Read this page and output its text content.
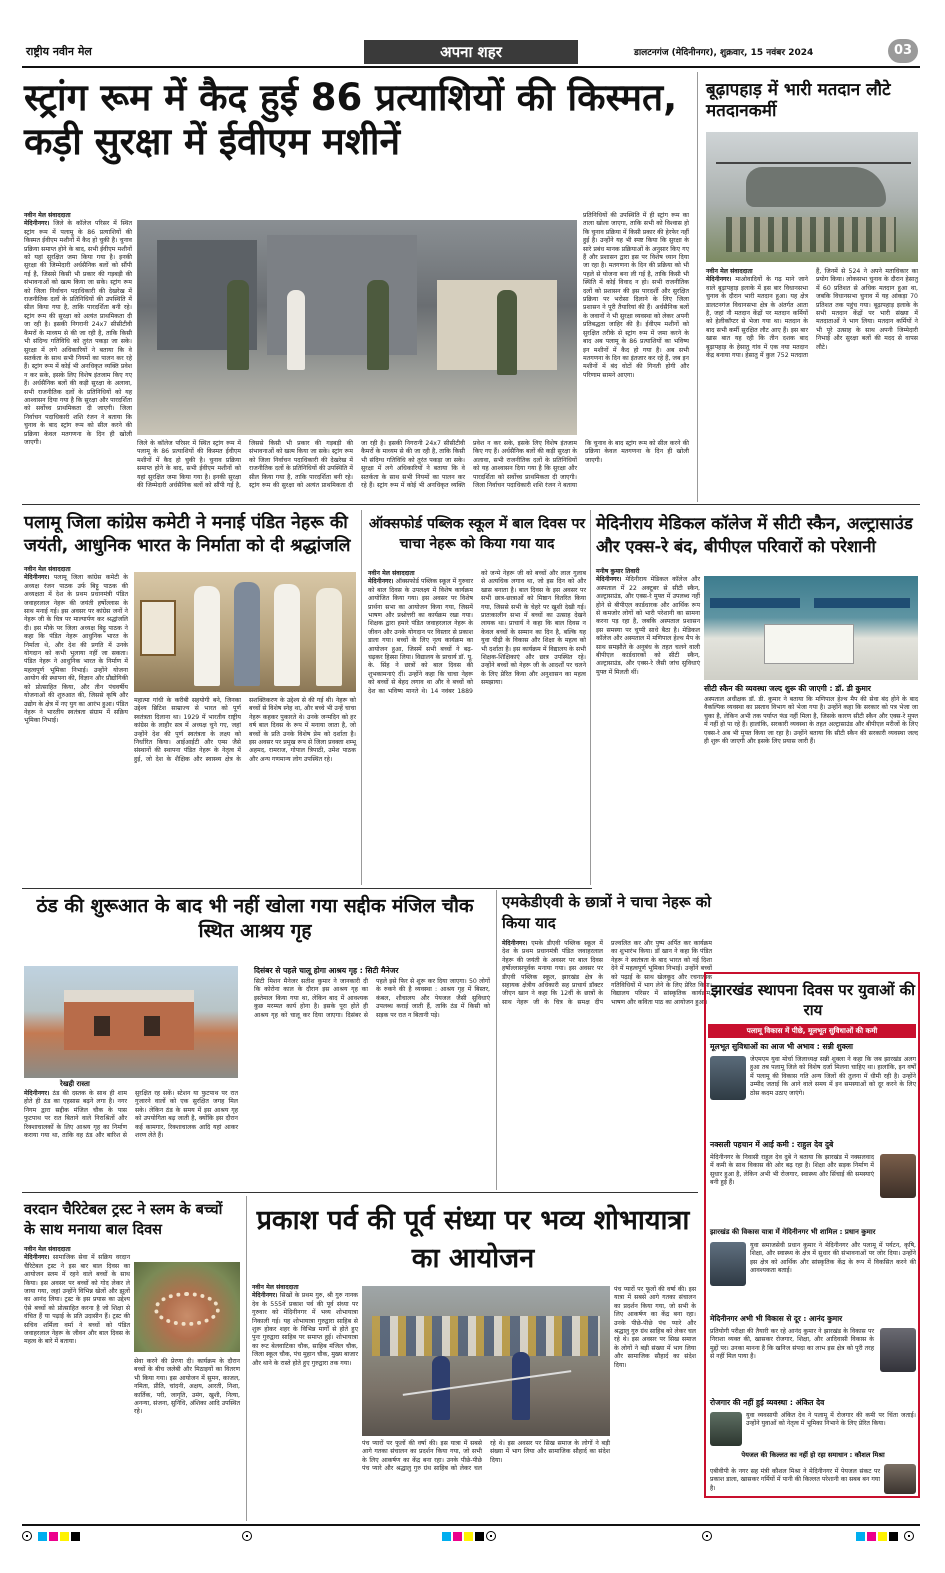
राष्ट्रीय नवीन मेल	अपना शहर	डालटनगंज (मेदिनीनगर), शुक्रवार, 15 नवंबर 2024	03
स्ट्रांग रूम में कैद हुई 86 प्रत्याशियों की किस्मत, कड़ी सुरक्षा में ईवीएम मशीनें
नवीन मेल संवाददाता
मेदिनीनगर। जिले के कॉलेज परिसर में स्थित स्ट्रांग रूम में पलामू के 86 प्रत्याशियों की किस्मत ईवीएम मशीनों में कैद हो चुकी है। चुनाव प्रक्रिया समाप्त होने के बाद, सभी ईवीएम मशीनों को यहां सुरक्षित जमा किया गया है। इनकी सुरक्षा की जिम्मेदारी अर्धसैनिक बलों को सौंपी गई है, जिससे किसी भी प्रकार की गड़बड़ी की संभावनाओं को खत्म किया जा सके। स्ट्रांग रूम को जिला निर्वाचन पदाधिकारी की देखरेख में राजनीतिक दलों के प्रतिनिधियों की उपस्थिति में सील किया गया है, ताकि पारदर्शिता बनी रहे। स्ट्रांग रूम की सुरक्षा को अत्यंत प्राथमिकता दी जा रही है। इसकी निगरानी 24x7 सीसीटीवी कैमरों के माध्यम से की जा रही है, ताकि किसी भी संदिग्ध गतिविधि को तुरंत पकड़ा जा सके। सुरक्षा में लगे अधिकारियों ने बताया कि वे सतर्कता के साथ सभी नियमों का पालन कर रहे हैं। स्ट्रांग रूम में कोई भी अनधिकृत व्यक्ति प्रवेश न कर सके, इसके लिए विशेष इंतजाम किए गए हैं। अर्धसैनिक बलों की कड़ी सुरक्षा के अलावा, सभी राजनीतिक दलों के प्रतिनिधियों को यह आश्वासन दिया गया है कि सुरक्षा और पारदर्शिता को सर्वोच्च प्राथमिकता दी जाएगी। जिला निर्वाचन पदाधिकारी शशि रंजन ने बताया कि चुनाव के बाद स्ट्रांग रूम को सील करने की प्रक्रिया केवल मतगणना के दिन ही खोली जाएगी।	जिले के कॉलेज परिसर में स्थित स्ट्रांग रूम में पलामू के 86 प्रत्याशियों की किस्मत ईवीएम मशीनों में कैद हो चुकी है। चुनाव प्रक्रिया समाप्त होने के बाद, सभी ईवीएम मशीनों को यहां सुरक्षित जमा किया गया है। इनकी सुरक्षा की जिम्मेदारी अर्धसैनिक बलों को सौंपी गई है, जिससे किसी भी प्रकार की गड़बड़ी की संभावनाओं को खत्म किया जा सके। स्ट्रांग रूम को जिला निर्वाचन पदाधिकारी की देखरेख में राजनीतिक दलों के प्रतिनिधियों की उपस्थिति में सील किया गया है, ताकि पारदर्शिता बनी रहे। स्ट्रांग रूम की सुरक्षा को अत्यंत प्राथमिकता दी जा रही है। इसकी निगरानी 24x7 सीसीटीवी कैमरों के माध्यम से की जा रही है, ताकि किसी भी संदिग्ध गतिविधि को तुरंत पकड़ा जा सके। सुरक्षा में लगे अधिकारियों ने बताया कि वे सतर्कता के साथ सभी नियमों का पालन कर रहे हैं। स्ट्रांग रूम में कोई भी अनधिकृत व्यक्ति प्रवेश न कर सके, इसके लिए विशेष इंतजाम किए गए हैं। अर्धसैनिक बलों की कड़ी सुरक्षा के अलावा, सभी राजनीतिक दलों के प्रतिनिधियों को यह आश्वासन दिया गया है कि सुरक्षा और पारदर्शिता को सर्वोच्च प्राथमिकता दी जाएगी। जिला निर्वाचन पदाधिकारी शशि रंजन ने बताया कि चुनाव के बाद स्ट्रांग रूम को सील करने की प्रक्रिया केवल मतगणना के दिन ही खोली जाएगी।
प्रतिनिधियों की उपस्थिति में ही स्ट्रांग रूम का ताला खोला जाएगा, ताकि सभी को विश्वास हो कि चुनाव प्रक्रिया में किसी प्रकार की हेरफेर नहीं हुई है। उन्होंने यह भी स्पष्ट किया कि सुरक्षा के सारे प्रबंध मानक प्रक्रियाओं के अनुसार किए गए हैं और प्रशासन द्वारा इस पर विशेष ध्यान दिया जा रहा है। मतगणना के दिन की प्रक्रिया को भी पहले से योजना बना ली गई है, ताकि किसी भी स्थिति में कोई विवाद न हो। सभी राजनीतिक दलों को प्रशासन की इस पारदर्शी और सुरक्षित प्रक्रिया पर भरोसा दिलाने के लिए जिला प्रशासन ने पूरी तैयारियां की हैं। अर्धसैनिक बलों के जवानों ने भी सुरक्षा व्यवस्था को लेकर अपनी प्रतिबद्धता जाहिर की है। ईवीएम मशीनों को सुरक्षित तरीके से स्ट्रांग रूम में जमा करने के बाद अब पलामू के 86 प्रत्याशियों का भविष्य इन मशीनों में कैद हो गया है। अब सभी मतगणना के दिन का इंतजार कर रहे हैं, जब इन मशीनों में बंद वोटों की गिनती होगी और परिणाम सामने आएगा।
बूढ़ापहाड़ में भारी मतदान लौटे मतदानकर्मी
नवीन मेल संवाददाता
मेदिनीनगर। माओवादियों के गढ़ माने जाने वाले बूढ़ापहाड़ इलाके में इस बार विधानसभा चुनाव के दौरान भारी मतदान हुआ। यह क्षेत्र डालटनगंज विधानसभा क्षेत्र के अंतर्गत आता है, जहां नौ मतदान केंद्रों पर मतदान कर्मियों को हेलीकॉप्टर से भेजा गया था। मतदान के बाद सभी कर्मी सुरक्षित लौट आए हैं। इस बार खास बात यह रही कि तीन दशक बाद बूढ़ापहाड़ के हेसातु गांव में एक नया मतदान केंद्र बनाया गया। हेसातु में कुल 752 मतदाता हैं, जिनमें से 524 ने अपने मताधिकार का प्रयोग किया। लोकसभा चुनाव के दौरान हेसातु में 60 प्रतिशत से अधिक मतदान हुआ था, जबकि विधानसभा चुनाव में यह आंकड़ा 70 प्रतिशत तक पहुंच गया। बूढ़ापहाड़ इलाके के सभी मतदान केंद्रों पर भारी संख्या में मतदाताओं ने भाग लिया। मतदान कर्मियों ने भी पूरे उत्साह के साथ अपनी जिम्मेदारी निभाई और सुरक्षा बलों की मदद से वापस लौटे।
पलामू जिला कांग्रेस कमेटी ने मनाई पंडित नेहरू की जयंती, आधुनिक भारत के निर्माता को दी श्रद्धांजलि
नवीन मेल संवाददाता
मेदिनीनगर। पलामू जिला कांग्रेस कमेटी के अध्यक्ष रंजन पाठक उर्फ बिट्टू पाठक की अध्यक्षता में देश के प्रथम प्रधानमंत्री पंडित जवाहरलाल नेहरू की जयंती हर्षोल्लास के साथ मनाई गई। इस अवसर पर कांग्रेस जनों ने नेहरू जी के चित्र पर माल्यार्पण कर श्रद्धांजलि दी। इस मौके पर जिला अध्यक्ष बिट्टू पाठक ने कहा कि पंडित नेहरू आधुनिक भारत के निर्माता थे, और देश की प्रगति में उनके योगदान को कभी भुलाया नहीं जा सकता। पंडित नेहरू ने आधुनिक भारत के निर्माण में महत्वपूर्ण भूमिका निभाई। उन्होंने योजना आयोग की स्थापना की, विज्ञान और प्रौद्योगिकी को प्रोत्साहित किया, और तीन पंचवर्षीय योजनाओं की शुरुआत की, जिससे कृषि और उद्योग के क्षेत्र में नए युग का आरंभ हुआ। पंडित नेहरू ने भारतीय स्वतंत्रता संग्राम में सक्रिय भूमिका निभाई।
महात्मा गांधी के करीबी सहयोगी बने, जिनका उद्देश्य ब्रिटिश साम्राज्य से भारत को पूर्ण स्वतंत्रता दिलाना था। 1929 में भारतीय राष्ट्रीय कांग्रेस के लाहौर सत्र में अध्यक्ष चुने गए, जहां उन्होंने देश की पूर्ण स्वतंत्रता के लक्ष्य को निर्धारित किया। आईआईटी और एम्स जैसे संस्थानों की स्थापना पंडित नेहरू के नेतृत्व में हुई, जो देश के शैक्षिक और स्वास्थ्य क्षेत्र के सशक्तिकरण के उद्देश्य से की गई थी। नेहरू को बच्चों से विशेष स्नेह था, और बच्चे भी उन्हें चाचा नेहरू कहकर पुकारते थे। उनके जन्मदिन को हर वर्ष बाल दिवस के रूप में मनाया जाता है, जो बच्चों के प्रति उनके विशेष प्रेम को दर्शाता है। इस अवसर पर प्रमुख रूप से जिला प्रवक्ता शम्भू अहमद, रामराज, गोपाल त्रिपाठी, उमेश पाठक और अन्य गणमान्य लोग उपस्थित रहे।
ऑक्सफोर्ड पब्लिक स्कूल में बाल दिवस पर चाचा नेहरू को किया गया याद
नवीन मेल संवाददाता
मेदिनीनगर। ऑक्सफोर्ड पब्लिक स्कूल में गुरुवार को बाल दिवस के उपलक्ष्य में विशेष कार्यक्रम आयोजित किया गया। इस अवसर पर विशेष प्रार्थना सभा का आयोजन किया गया, जिसमें भाषण और प्रश्नोत्तरी का कार्यक्रम रखा गया। शिक्षक द्वारा हमारे पंडित जवाहरलाल नेहरू के जीवन और उनके योगदान पर विस्तार से प्रकाश डाला गया। बच्चों के लिए नृत्य कार्यक्रम का आयोजन हुआ, जिसमें सभी बच्चों ने बढ़-चढ़कर हिस्सा लिया। विद्यालय के प्राचार्य डॉ. यू. के. सिंह ने छात्रों को बाल दिवस की शुभकामनाएं दीं। उन्होंने कहा कि चाचा नेहरू को बच्चों से बेहद लगाव था और वे बच्चों को देश का भविष्य मानते थे। 14 नवंबर 1889 को जन्मे नेहरू जी को बच्चों और लाल गुलाब से अत्यधिक लगाव था, जो इस दिन को और खास बनाता है। बाल दिवस के इस अवसर पर सभी छात्र-छात्राओं को मिष्ठान वितरित किया गया, जिससे सभी के चेहरे पर खुशी देखी गई। प्रातःकालीन सभा में बच्चों का उत्साह देखने लायक था। प्राचार्य ने कहा कि बाल दिवस न केवल बच्चों के सम्मान का दिन है, बल्कि यह युवा पीढ़ी के विकास और शिक्षा के महत्व को भी दर्शाता है। इस कार्यक्रम में विद्यालय के सभी शिक्षक-शिक्षिकाएं और छात्र उपस्थित रहे। उन्होंने बच्चों को नेहरू जी के आदर्शों पर चलने के लिए प्रेरित किया और अनुशासन का महत्व समझाया।
मेदिनीराय मेडिकल कॉलेज में सीटी स्कैन, अल्ट्रासाउंड और एक्स-रे बंद, बीपीएल परिवारों को परेशानी
मनीष कुमार तिवारी
मेदिनीनगर। मेदिनीराय मेडिकल कॉलेज और अस्पताल में 22 अक्टूबर से सीटी स्कैन, अल्ट्रासाउंड, और एक्स-रे मुफ्त में उपलब्ध नहीं होने से बीपीएल कार्डधारक और आर्थिक रूप से कमजोर लोगों को भारी परेशानी का सामना करना पड़ रहा है, जबकि अस्पताल प्रशासन इस समस्या पर चुप्पी साधे बैठा है। मेडिकल कॉलेज और अस्पताल में मणिपाल हेल्थ मैप के साथ समझौते के अनुबंध के तहत चलने वाली बीपीएल कार्डधारकों को सीटी स्कैन, अल्ट्रासाउंड, और एक्स-रे जैसी जांच सुविधाएं मुफ्त में मिलती थीं।
सीटी स्कैन की व्यवस्था जल्द शुरू की जाएगी : डॉ. डी कुमार
अस्पताल अधीक्षक डॉ. डी. कुमार ने बताया कि मणिपाल हेल्थ मैप की सेवा बंद होने के बाद वैकल्पिक व्यवस्था का प्रस्ताव विभाग को भेजा गया है। उन्होंने कहा कि सरकार को पत्र भेजा जा चुका है, लेकिन अभी तक पर्याप्त फंड नहीं मिला है, जिसके कारण सीटी स्कैन और एक्स-रे मुफ्त में नहीं हो पा रहे हैं। हालांकि, सरकारी व्यवस्था के तहत अल्ट्रासाउंड और बीपीएल मरीजों के लिए एक्स-रे अब भी मुफ्त किया जा रहा है। उन्होंने बताया कि सीटी स्कैन की सरकारी व्यवस्था जल्द ही शुरू की जाएगी और इसके लिए प्रयास जारी हैं।
ठंड की शुरूआत के बाद भी नहीं खोला गया सद्दीक मंजिल चौक स्थित आश्रय गृह
रेखही रास्ता
मेदिनीनगर। ठंड की दस्तक के साथ ही शाम होते ही ठंड का एहसास बढ़ने लगा है। नगर निगम द्वारा सद्दीक मंजिल चौक के पास फुटपाथ पर रात बिताने वाले निराश्रितों और रिक्शाचालकों के लिए आश्रय गृह का निर्माण कराया गया था, ताकि वह ठंड और बारिश से सुरक्षित रह सकें। स्टेशन या फुटपाथ पर रात गुजारने वालों को एक सुरक्षित जगह मिल सके। लेकिन ठंड के समय में इस आश्रय गृह को उपयोगिता बढ़ जाती है, क्योंकि इस दौरान कई कामगार, रिक्शाचालक आदि यहां आकर शरण लेते हैं।
दिसंबर से पहले चालू होगा आश्रय गृह : सिटी मैनेजर
सिटी मिशन मैनेजर सतीश कुमार ने जानकारी दी कि कोरोना काल के दौरान इस आश्रय गृह का इस्तेमाल किया गया था, लेकिन बाद में आवश्यक कुछ मरम्मत कार्य होना है। इसके पूरा होते ही आश्रय गृह को चालू कर दिया जाएगा। दिसंबर से पहले इसे फिर से शुरू कर दिया जाएगा। 50 लोगों के रुकने की है व्यवस्था : आश्रय गृह में बिस्तर, कंबल, शौचालय और पेयजल जैसी सुविधाएं उपलब्ध कराई जाती हैं, ताकि ठंड में किसी को सड़क पर रात न बितानी पड़े।
एमकेडीएवी के छात्रों ने चाचा नेहरू को किया याद
मेदिनीनगर। एमके डीएवी पब्लिक स्कूल में देश के प्रथम प्रधानमंत्री पंडित जवाहरलाल नेहरू की जयंती के अवसर पर बाल दिवस हर्षोल्लासपूर्वक मनाया गया। इस अवसर पर डीएवी पब्लिक स्कूल, झारखंड क्षेत्र के सहायक क्षेत्रीय अधिकारी सह प्राचार्य डॉक्टर जीएन खान ने कहा कि 12वीं के छात्रों के साथ नेहरू जी के चित्र के समक्ष दीप प्रज्वलित कर और पुष्प अर्पित कर कार्यक्रम का शुभारंभ किया। डॉ खान ने कहा कि पंडित नेहरू ने स्वतंत्रता के बाद भारत को नई दिशा देने में महत्वपूर्ण भूमिका निभाई। उन्होंने बच्चों को पढ़ाई के साथ खेलकूद और रचनात्मक गतिविधियों में भाग लेने के लिए प्रेरित किया। विद्यालय परिसर में सांस्कृतिक कार्यक्रम, भाषण और कविता पाठ का आयोजन हुआ।
झारखंड स्थापना दिवस पर युवाओं की राय
पलामू विकास में पीछे, मूलभूत सुविधाओं की कमी
मूलभूत सुविधाओं का आज भी अभाव : सन्नी शुक्ला
जेएमएम युवा मोर्चा जिलाध्यक्ष सन्नी शुक्ला ने कहा कि जब झारखंड अलग हुआ तब पलामू जिले को विशेष दर्जा मिलना चाहिए था। हालांकि, इन वर्षों में पलामू की विकास गति अन्य जिलों की तुलना में धीमी रही है। उन्होंने उम्मीद जताई कि आने वाले समय में इन समस्याओं को दूर करने के लिए ठोस कदम उठाए जाएंगे।
नक्सली पहचान में आई कमी : राहुल देव दुबे
मेदिनीनगर के निवासी राहुल देव दुबे ने बताया कि झारखंड में नक्सलवाद में कमी के साथ विकास की ओर बढ़ रहा है। शिक्षा और सड़क निर्माण में सुधार हुआ है, लेकिन अभी भी रोजगार, स्वास्थ्य और सिंचाई की समस्याएं बनी हुई हैं।
झारखंड की विकास यात्रा में मेदिनीनगर भी शामिल : प्रधान कुमार
युवा समाजसेवी प्रधान कुमार ने मेदिनीनगर और पलामू में पर्यटन, कृषि, शिक्षा, और स्वास्थ्य के क्षेत्र में सुधार की संभावनाओं पर जोर दिया। उन्होंने इस क्षेत्र को आर्थिक और सांस्कृतिक केंद्र के रूप में विकसित करने की आवश्यकता बताई।
मेदिनीनगर अभी भी विकास से दूर : आनंद कुमार
प्रतियोगी परीक्षा की तैयारी कर रहे आनंद कुमार ने झारखंड के विकास पर निराशा व्यक्त की, खासकर रोजगार, शिक्षा, और आदिवासी विकास के मुद्दों पर। उनका मानना है कि खनिज संपदा का लाभ इस क्षेत्र को पूरी तरह से नहीं मिल पाया है।
रोजगार की नहीं हुई व्यवस्था : अंकित देव
युवा व्यवसायी अंकित देव ने पलामू में रोजगार की कमी पर चिंता जताई। उन्होंने युवाओं को नेतृत्व में भूमिका निभाने के लिए प्रेरित किया।
पेयजल की किल्लत का नहीं हो रहा समाधान : कौशल मिश्रा
एबीवीपी के नगर सह मंत्री कौशल मिश्रा ने मेदिनीनगर में पेयजल संकट पर प्रकाश डाला, खासकर गर्मियों में पानी की किल्लत परेशानी का सबब बन गया है।
वरदान चैरिटेबल ट्रस्ट ने स्लम के बच्चों के साथ मनाया बाल दिवस
नवीन मेल संवाददाता
मेदिनीनगर। सामाजिक सेवा में सक्रिय वरदान चैरिटेबल ट्रस्ट ने इस बार बाल दिवस का आयोजन स्लम में रहने वाले बच्चों के साथ किया। इस अवसर पर बच्चों को गोद लेकर ले जाया गया, जहां उन्होंने विभिन्न खेलों और झूलों का आनंद लिया। ट्रस्ट के इस प्रयास का उद्देश्य ऐसे बच्चों को प्रोत्साहित करना है जो शिक्षा से वंचित हैं या पढ़ाई के प्रति उदासीन हैं। ट्रस्ट की सचिव शर्मिला वर्मा ने बच्चों को पंडित जवाहरलाल नेहरू के जीवन और बाल दिवस के महत्व के बारे में बताया।
सेवा करने की प्रेरणा दी। कार्यक्रम के दौरान बच्चों के बीच जलेबी और मिठाइयों का वितरण भी किया गया। इस आयोजन में सुमन, काजल, नमिता, प्रीति, चांदनी, अक्षय, आरती, निशा, कार्तिक, परी, जागृति, उमंग, खुशी, नित्या, अनन्या, संजना, सुनिधि, अंशिका आदि उपस्थित रहे।
प्रकाश पर्व की पूर्व संध्या पर भव्य शोभायात्रा का आयोजन
नवीन मेल संवाददाता
मेदिनीनगर। सिखों के प्रथम गुरु, श्री गुरु नानक देव के 555वें प्रकाश पर्व की पूर्व संध्या पर गुरुवार को मेदिनीनगर में भव्य शोभायात्रा निकाली गई। यह शोभायात्रा गुरुद्वारा साहिब से शुरू होकर शहर के विभिन्न मार्गों से होते हुए पुनः गुरुद्वारा साहिब पर समाप्त हुई। शोभायात्रा का रूट बेलवाटिका चौक, साहिब मंजिल चौक, जिला स्कूल चौक, पंच मुहान चौक, मुख्य बाजार और थाने के रास्ते होते हुए गुरुद्वारा तक गया।
पंच प्यारों पर फूलों की वर्षा की। इस यात्रा में सबसे आगे गतका संचालन का प्रदर्शन किया गया, जो सभी के लिए आकर्षण का केंद्र बना रहा। उनके पीछे-पीछे पंच प्यारे और श्रद्धालु गुरु ग्रंथ साहिब को लेकर चल रहे थे। इस अवसर पर सिख समाज के लोगों ने बड़ी संख्या में भाग लिया और सामाजिक सौहार्द का संदेश दिया।
पंच प्यारों पर फूलों की वर्षा की। इस यात्रा में सबसे आगे गतका संचालन का प्रदर्शन किया गया, जो सभी के लिए आकर्षण का केंद्र बना रहा। उनके पीछे-पीछे पंच प्यारे और श्रद्धालु गुरु ग्रंथ साहिब को लेकर चल रहे थे। इस अवसर पर सिख समाज के लोगों ने बड़ी संख्या में भाग लिया और सामाजिक सौहार्द का संदेश दिया।
